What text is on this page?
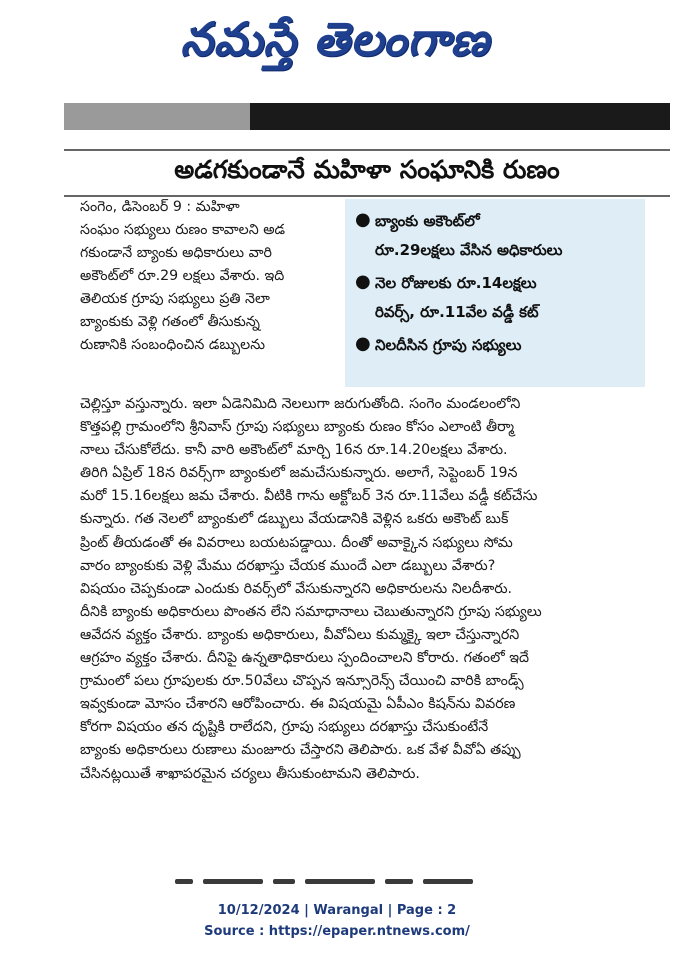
నమస్తే తెలంగాణ
అడగకుండానే మహిళా సంఘానికి రుణం
సంగెం, డిసెంబర్ 9 : మహిళా
సంఘం సభ్యులు రుణం కావాలని అడ
గకుండానే బ్యాంకు అధికారులు వారి
అకౌంట్‌లో రూ.29 లక్షలు వేశారు. ఇది
తెలియక గ్రూపు సభ్యులు ప్రతి నెలా
బ్యాంకుకు వెళ్లి గతంలో తీసుకున్న
రుణానికి సంబంధించిన డబ్బులను
● బ్యాంకు అకౌంట్‌లో
రూ.29లక్షలు వేసిన అధికారులు
● నెల రోజులకు రూ.14లక్షలు
రివర్స్, రూ.11వేల వడ్డీ కట్
● నిలదీసిన గ్రూపు సభ్యులు
చెల్లిస్తూ వస్తున్నారు. ఇలా ఏడెనిమిది నెలలుగా జరుగుతోంది. సంగెం మండలంలోని
కొత్తపల్లి గ్రామంలోని శ్రీనివాస్ గ్రూపు సభ్యులు బ్యాంకు రుణం కోసం ఎలాంటి తీర్మా
నాలు చేసుకోలేదు. కానీ వారి అకౌంట్‌లో మార్చి 16న రూ.14.20లక్షలు వేశారు.
తిరిగి ఏప్రిల్ 18న రివర్స్‌గా బ్యాంకులో జమచేసుకున్నారు. అలాగే, సెప్టెంబర్ 19న
మరో 15.16లక్షలు జమ చేశారు. వీటికి గాను అక్టోబర్ 3న రూ.11వేలు వడ్డీ కట్‌చేసు
కున్నారు. గత నెలలో బ్యాంకులో డబ్బులు వేయడానికి వెళ్లిన ఒకరు అకౌంట్ బుక్
ప్రింట్ తీయడంతో ఈ వివరాలు బయటపడ్డాయి. దీంతో అవాక్కైన సభ్యులు సోమ
వారం బ్యాంకుకు వెళ్లి మేము దరఖాస్తు చేయక ముందే ఎలా డబ్బులు వేశారు?
విషయం చెప్పకుండా ఎందుకు రివర్స్‌లో వేసుకున్నారని అధికారులను నిలదీశారు.
దీనికి బ్యాంకు అధికారులు పొంతన లేని సమాధానాలు చెబుతున్నారని గ్రూపు సభ్యులు
ఆవేదన వ్యక్తం చేశారు. బ్యాంకు అధికారులు, వీవోఏలు కుమ్మక్కై ఇలా చేస్తున్నారని
ఆగ్రహం వ్యక్తం చేశారు. దీనిపై ఉన్నతాధికారులు స్పందించాలని కోరారు. గతంలో ఇదే
గ్రామంలో పలు గ్రూపులకు రూ.50వేలు చొప్పన ఇన్సూరెన్స్ చేయించి వారికి బాండ్స్
ఇవ్వకుండా మోసం చేశారని ఆరోపించారు. ఈ విషయమై ఏపీఎం కిషన్‌ను వివరణ
కోరగా విషయం తన దృష్టికి రాలేదని, గ్రూపు సభ్యులు దరఖాస్తు చేసుకుంటేనే
బ్యాంకు అధికారులు రుణాలు మంజూరు చేస్తారని తెలిపారు. ఒక వేళ వీవోఏ తప్పు
చేసినట్లయితే శాఖాపరమైన చర్యలు తీసుకుంటామని తెలిపారు.
10/12/2024 | Warangal | Page : 2
Source : https://epaper.ntnews.com/
